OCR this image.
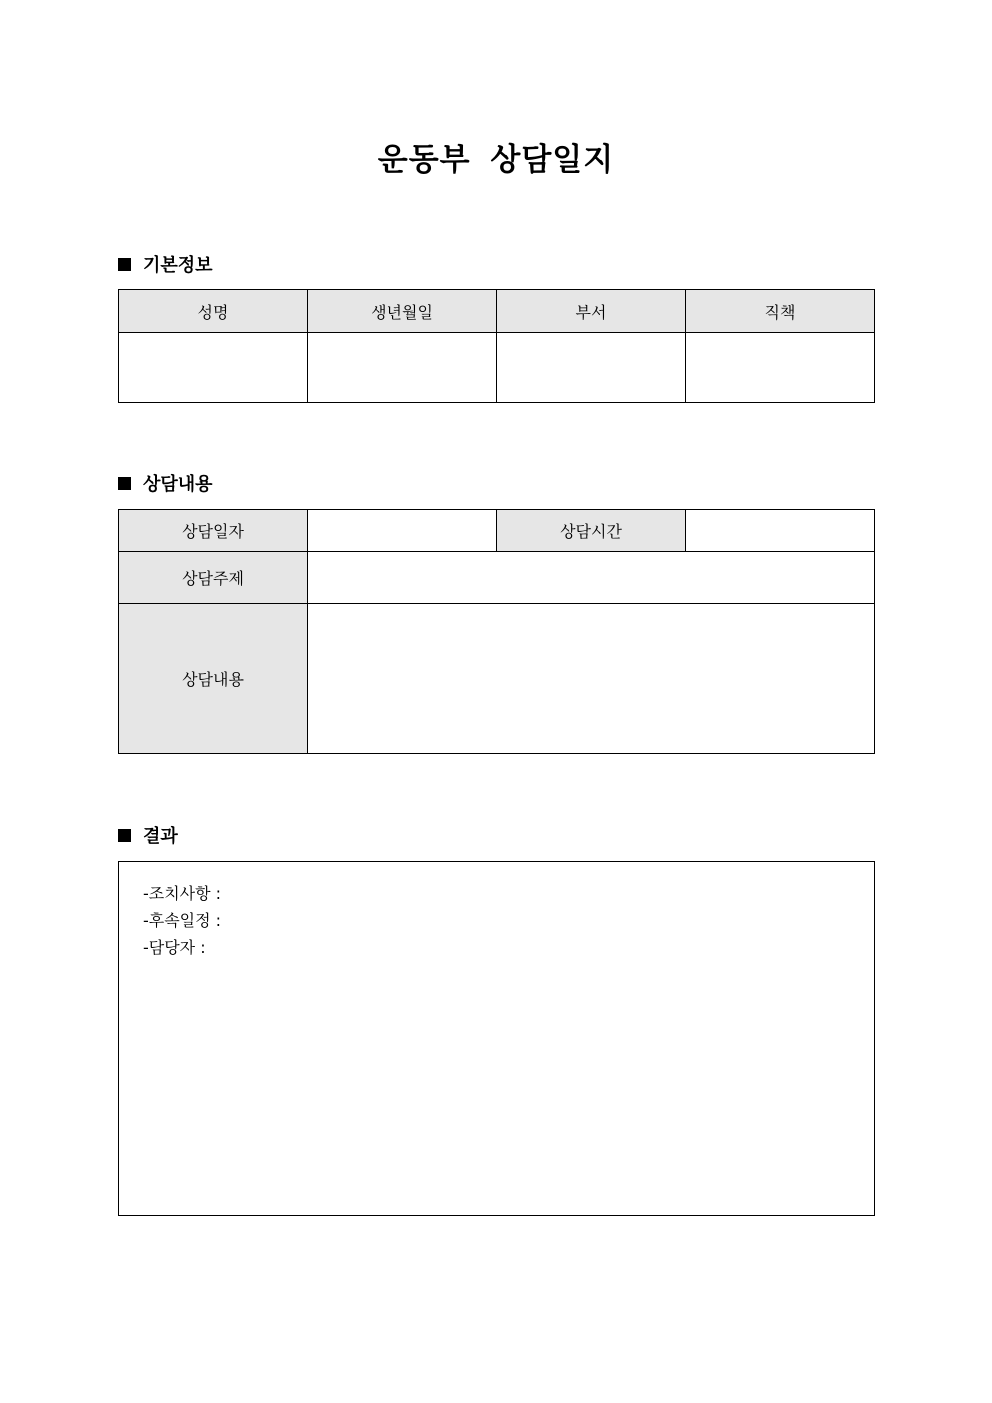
운동부 상담일지
기본정보
성명	생년월일	부서	직책

상담내용
상담일자		상담시간	
상담주제			
상담내용			
결과
-조치사항 :
-후속일정 :
-담당자 :
